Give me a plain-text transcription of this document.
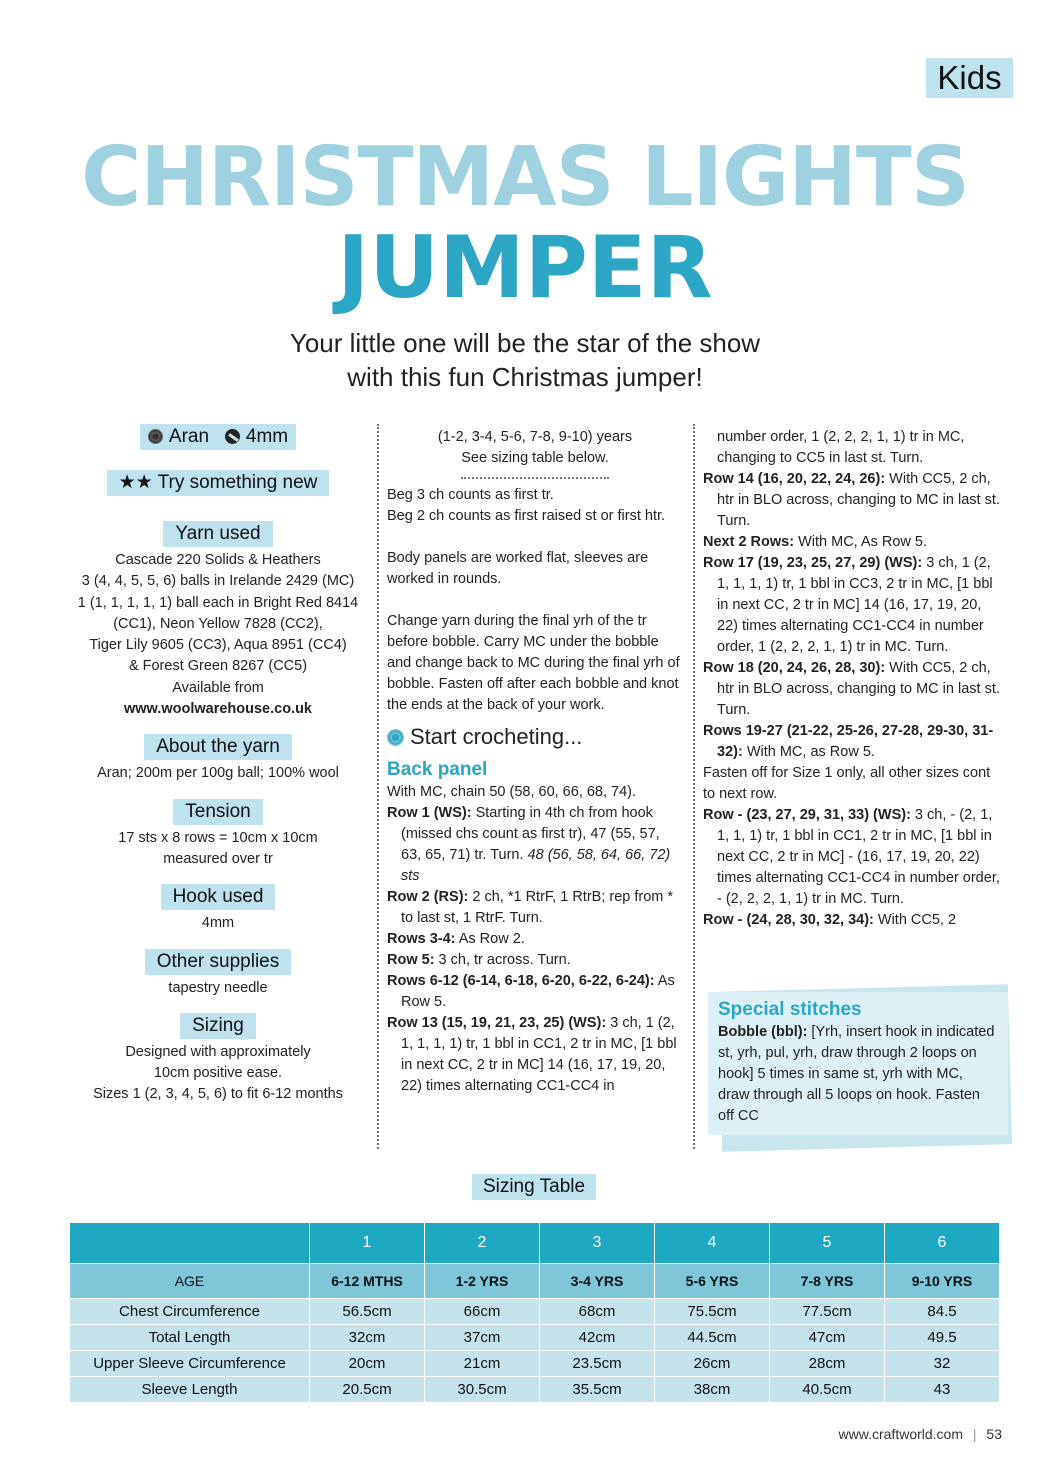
Kids
CHRISTMAS LIGHTS
JUMPER
Your little one will be the star of the show
with this fun Christmas jumper!
Aran 4mm
★★ Try something new
Yarn used
Cascade 220 Solids & Heathers
3 (4, 4, 5, 5, 6) balls in Irelande 2429 (MC)
1 (1, 1, 1, 1, 1) ball each in Bright Red 8414
(CC1), Neon Yellow 7828 (CC2),
Tiger Lily 9605 (CC3), Aqua 8951 (CC4)
& Forest Green 8267 (CC5)
Available from
www.woolwarehouse.co.uk
About the yarn
Aran; 200m per 100g ball; 100% wool
Tension
17 sts x 8 rows = 10cm x 10cm
measured over tr
Hook used
4mm
Other supplies
tapestry needle
Sizing
Designed with approximately
10cm positive ease.
Sizes 1 (2, 3, 4, 5, 6) to fit 6-12 months
(1-2, 3-4, 5-6, 7-8, 9-10) years
See sizing table below.

Beg 3 ch counts as first tr.

Beg 2 ch counts as first raised st or first htr.

Body panels are worked flat, sleeves are worked in rounds.

Change yarn during the final yrh of the tr before bobble. Carry MC under the bobble and change back to MC during the final yrh of bobble. Fasten off after each bobble and knot the ends at the back of your work.

Start crocheting...
Back panel

With MC, chain 50 (58, 60, 66, 68, 74).

Row 1 (WS): Starting in 4th ch from hook (missed chs count as first tr), 47 (55, 57, 63, 65, 71) tr. Turn. 48 (56, 58, 64, 66, 72) sts

Row 2 (RS): 2 ch, *1 RtrF, 1 RtrB; rep from * to last st, 1 RtrF. Turn.

Rows 3-4: As Row 2.

Row 5: 3 ch, tr across. Turn.

Rows 6-12 (6-14, 6-18, 6-20, 6-22, 6-24): As Row 5.

Row 13 (15, 19, 21, 23, 25) (WS): 3 ch, 1 (2, 1, 1, 1, 1) tr, 1 bbl in CC1, 2 tr in MC, [1 bbl in next CC, 2 tr in MC] 14 (16, 17, 19, 20, 22) times alternating CC1-CC4 in

number order, 1 (2, 2, 2, 1, 1) tr in MC, changing to CC5 in last st. Turn.

Row 14 (16, 20, 22, 24, 26): With CC5, 2 ch, htr in BLO across, changing to MC in last st. Turn.

Next 2 Rows: With MC, As Row 5.

Row 17 (19, 23, 25, 27, 29) (WS): 3 ch, 1 (2, 1, 1, 1, 1) tr, 1 bbl in CC3, 2 tr in MC, [1 bbl in next CC, 2 tr in MC] 14 (16, 17, 19, 20, 22) times alternating CC1-CC4 in number order, 1 (2, 2, 2, 1, 1) tr in MC. Turn.

Row 18 (20, 24, 26, 28, 30): With CC5, 2 ch, htr in BLO across, changing to MC in last st. Turn.

Rows 19-27 (21-22, 25-26, 27-28, 29-30, 31-32): With MC, as Row 5.

Fasten off for Size 1 only, all other sizes cont to next row.

Row - (23, 27, 29, 31, 33) (WS): 3 ch, - (2, 1, 1, 1, 1) tr, 1 bbl in CC1, 2 tr in MC, [1 bbl in next CC, 2 tr in MC] - (16, 17, 19, 20, 22) times alternating CC1-CC4 in number order, - (2, 2, 2, 1, 1) tr in MC. Turn.

Row - (24, 28, 30, 32, 34): With CC5, 2

Special stitches

Bobble (bbl): [Yrh, insert hook in indicated st, yrh, pul, yrh, draw through 2 loops on hook] 5 times in same st, yrh with MC, draw through all 5 loops on hook. Fasten off CC

Sizing Table
	1	2	3	4	5	6
AGE	6-12 MTHS	1-2 YRS	3-4 YRS	5-6 YRS	7-8 YRS	9-10 YRS
Chest Circumference	56.5cm	66cm	68cm	75.5cm	77.5cm	84.5
Total Length	32cm	37cm	42cm	44.5cm	47cm	49.5
Upper Sleeve Circumference	20cm	21cm	23.5cm	26cm	28cm	32
Sleeve Length	20.5cm	30.5cm	35.5cm	38cm	40.5cm	43
www.craftworld.com | 53
